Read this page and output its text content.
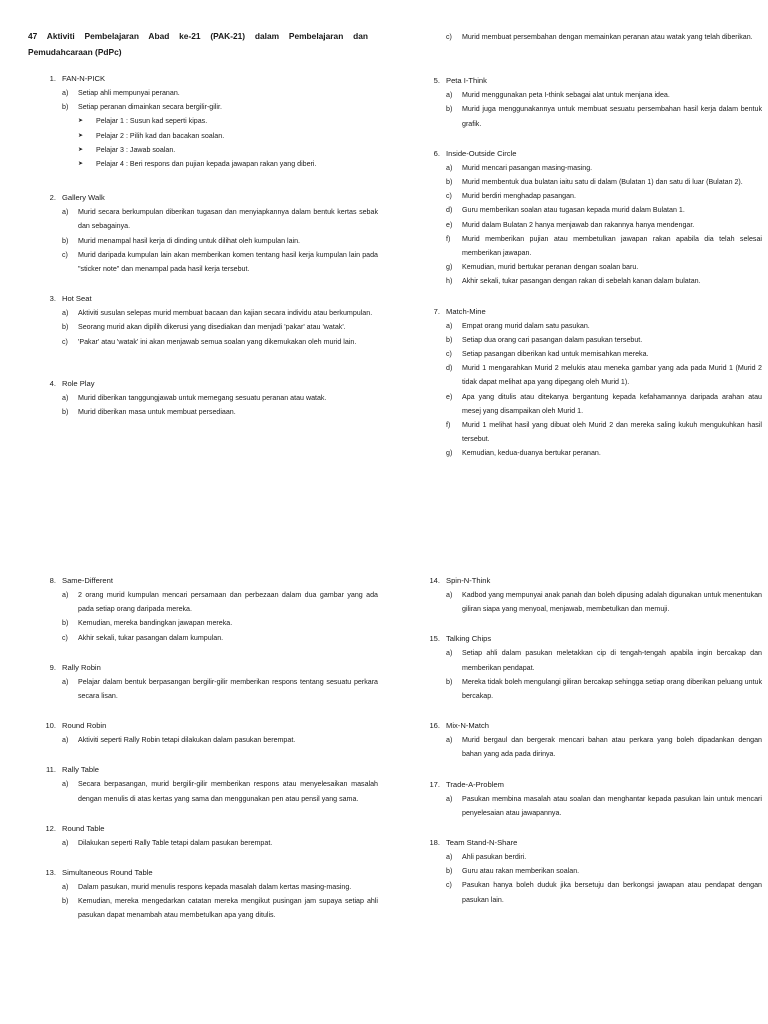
47 Aktiviti Pembelajaran Abad ke-21 (PAK-21) dalam Pembelajaran dan Pemudahcaraan (PdPc)
1. FAN-N-PICK
a)	Setiap ahli mempunyai peranan.
b)	Setiap peranan dimainkan secara bergilir-gilir.
➤	Pelajar 1 : Susun kad seperti kipas.
➤	Pelajar 2 : Pilih kad dan bacakan soalan.
➤	Pelajar 3 : Jawab soalan.
➤	Pelajar 4 : Beri respons dan pujian kepada jawapan rakan yang diberi.
2. Gallery Walk
a)	Murid secara berkumpulan diberikan tugasan dan menyiapkannya dalam bentuk kertas sebak dan sebagainya.
b)	Murid menampal hasil kerja di dinding untuk dilihat oleh kumpulan lain.
c)	Murid daripada kumpulan lain akan memberikan komen tentang hasil kerja kumpulan lain pada "sticker note" dan menampal pada hasil kerja tersebut.
3. Hot Seat
a)	Aktiviti susulan selepas murid membuat bacaan dan kajian secara individu atau berkumpulan.
b)	Seorang murid akan dipilih dikerusi yang disediakan dan menjadi 'pakar' atau 'watak'.
c)	'Pakar' atau 'watak' ini akan menjawab semua soalan yang dikemukakan oleh murid lain.
4. Role Play
a)	Murid diberikan tanggungjawab untuk memegang sesuatu peranan atau watak.
b)	Murid diberikan masa untuk membuat persediaan.
8. Same-Different
a)	2 orang murid kumpulan mencari persamaan dan perbezaan dalam dua gambar yang ada pada setiap orang daripada mereka.
b)	Kemudian, mereka bandingkan jawapan mereka.
c)	Akhir sekali, tukar pasangan dalam kumpulan.
9. Rally Robin
a)	Pelajar dalam bentuk berpasangan bergilir-gilir memberikan respons tentang sesuatu perkara secara lisan.
10. Round Robin
a)	Aktiviti seperti Rally Robin tetapi dilakukan dalam pasukan berempat.
11. Rally Table
a)	Secara berpasangan, murid bergilir-gilir memberikan respons atau menyelesaikan masalah dengan menulis di atas kertas yang sama dan menggunakan pen atau pensil yang sama.
12. Round Table
a)	Dilakukan seperti Rally Table tetapi dalam pasukan berempat.
13. Simultaneous Round Table
a)	Dalam pasukan, murid menulis respons kepada masalah dalam kertas masing-masing.
b)	Kemudian, mereka mengedarkan catatan mereka mengikut pusingan jam supaya setiap ahli pasukan dapat menambah atau membetulkan apa yang ditulis.
c)	Murid membuat persembahan dengan memainkan peranan atau watak yang telah diberikan.
5. Peta I-Think
a)	Murid menggunakan peta I-think sebagai alat untuk menjana idea.
b)	Murid juga menggunakannya untuk membuat sesuatu persembahan hasil kerja dalam bentuk grafik.
6. Inside-Outside Circle
a)	Murid mencari pasangan masing-masing.
b)	Murid membentuk dua bulatan iaitu satu di dalam (Bulatan 1) dan satu di luar (Bulatan 2).
c)	Murid berdiri menghadap pasangan.
d)	Guru memberikan soalan atau tugasan kepada murid dalam Bulatan 1.
e)	Murid dalam Bulatan 2 hanya menjawab dan rakannya hanya mendengar.
f)	Murid memberikan pujian atau membetulkan jawapan rakan apabila dia telah selesai memberikan jawapan.
g)	Kemudian, murid bertukar peranan dengan soalan baru.
h)	Akhir sekali, tukar pasangan dengan rakan di sebelah kanan dalam bulatan.
7. Match-Mine
a)	Empat orang murid dalam satu pasukan.
b)	Setiap dua orang cari pasangan dalam pasukan tersebut.
c)	Setiap pasangan diberikan kad untuk memisahkan mereka.
d)	Murid 1 mengarahkan Murid 2 melukis atau meneka gambar yang ada pada Murid 1 (Murid 2 tidak dapat melihat apa yang dipegang oleh Murid 1).
e)	Apa yang ditulis atau ditekanya bergantung kepada kefahamannya daripada arahan atau mesej yang disampaikan oleh Murid 1.
f)	Murid 1 melihat hasil yang dibuat oleh Murid 2 dan mereka saling kukuh mengukuhkan hasil tersebut.
g)	Kemudian, kedua-duanya bertukar peranan.
14. Spin-N-Think
a)	Kadbod yang mempunyai anak panah dan boleh dipusing adalah digunakan untuk menentukan giliran siapa yang menyoal, menjawab, membetulkan dan memuji.
15. Talking Chips
a)	Setiap ahli dalam pasukan meletakkan cip di tengah-tengah apabila ingin bercakap dan memberikan pendapat.
b)	Mereka tidak boleh mengulangi giliran bercakap sehingga setiap orang diberikan peluang untuk bercakap.
16. Mix-N-Match
a)	Murid bergaul dan bergerak mencari bahan atau perkara yang boleh dipadankan dengan bahan yang ada pada dirinya.
17. Trade-A-Problem
a)	Pasukan membina masalah atau soalan dan menghantar kepada pasukan lain untuk mencari penyelesaian atau jawapannya.
18. Team Stand-N-Share
a)	Ahli pasukan berdiri.
b)	Guru atau rakan memberikan soalan.
c)	Pasukan hanya boleh duduk jika bersetuju dan berkongsi jawapan atau pendapat dengan pasukan lain.
